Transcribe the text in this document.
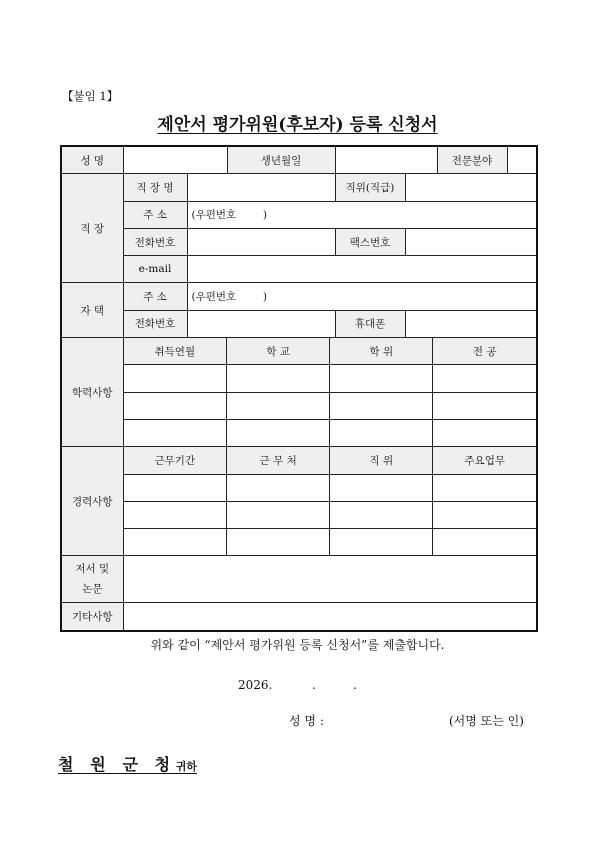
【붙임 1】
제안서 평가위원(후보자) 등록 신청서
성 명		생년월일		전문분야	
직 장	직 장 명		직위(직급)	
주 소	(우편번호        )
전화번호		팩스번호	
e-mail	
자 택	주 소	(우편번호        )
전화번호		휴대폰	
학력사항	
취득연월	학 교	학 위	전 공

경력사항	
근무기간	근 무 처	직 위	주요업무

저서 및
논문	
기타사항	
위와 같이 “제안서 평가위원 등록 신청서”를 제출합니다.
2026.	.	.
성 명 :	(서명 또는 인)
철 원 군 청귀하
